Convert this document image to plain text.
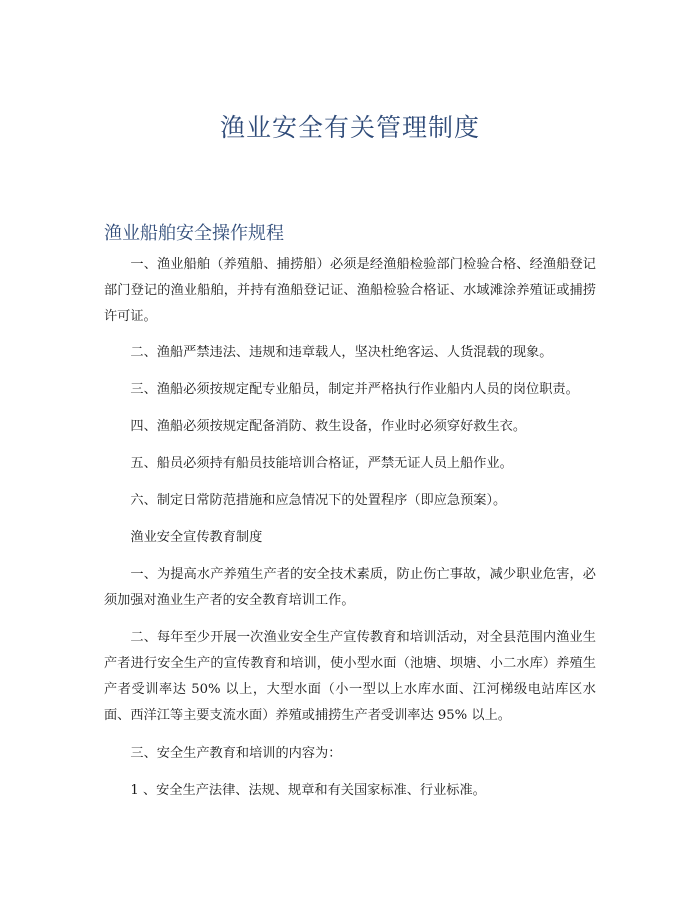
渔业安全有关管理制度
渔业船舶安全操作规程

一、渔业船舶（养殖船、捕捞船）必须是经渔船检验部门检验合格、经渔船登记部门登记的渔业船舶，并持有渔船登记证、渔船检验合格证、水域滩涂养殖证或捕捞许可证。

二、渔船严禁违法、违规和违章载人，坚决杜绝客运、人货混载的现象。

三、渔船必须按规定配专业船员，制定并严格执行作业船内人员的岗位职责。

四、渔船必须按规定配备消防、救生设备，作业时必须穿好救生衣。

五、船员必须持有船员技能培训合格证，严禁无证人员上船作业。

六、制定日常防范措施和应急情况下的处置程序（即应急预案）。

渔业安全宣传教育制度

一、为提高水产养殖生产者的安全技术素质，防止伤亡事故，减少职业危害，必须加强对渔业生产者的安全教育培训工作。

二、每年至少开展一次渔业安全生产宣传教育和培训活动，对全县范围内渔业生产者进行安全生产的宣传教育和培训，使小型水面（池塘、坝塘、小二水库）养殖生产者受训率达 50% 以上，大型水面（小一型以上水库水面、江河梯级电站库区水面、西洋江等主要支流水面）养殖或捕捞生产者受训率达 95% 以上。

三、安全生产教育和培训的内容为：

1 、安全生产法律、法规、规章和有关国家标准、行业标准。
